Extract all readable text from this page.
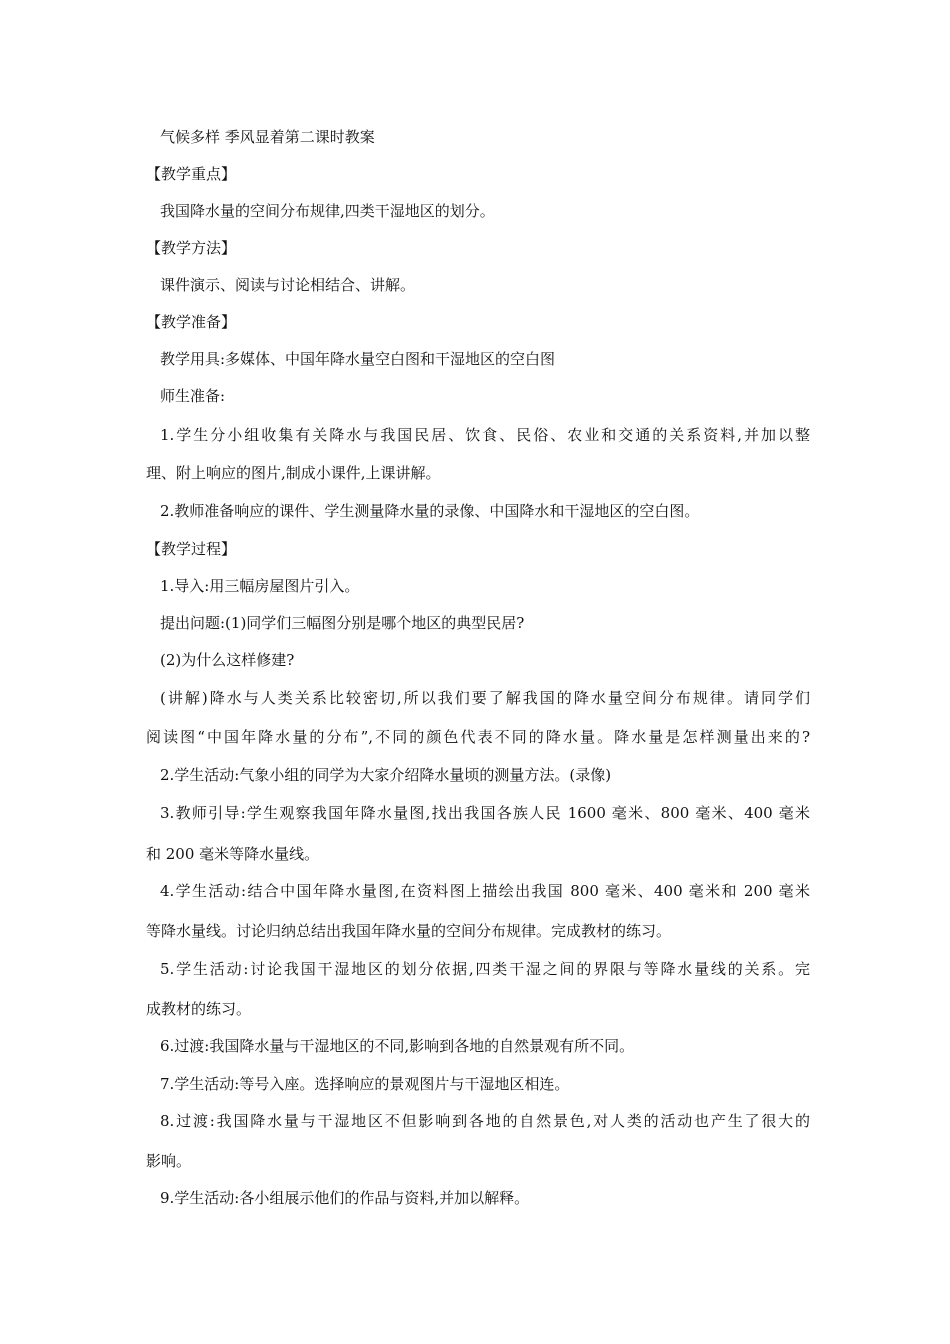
气候多样 季风显着第二课时教案
【教学重点】
我国降水量的空间分布规律,四类干湿地区的划分。
【教学方法】
课件演示、阅读与讨论相结合、讲解。
【教学准备】
教学用具:多媒体、中国年降水量空白图和干湿地区的空白图
师生准备:
1.学生分小组收集有关降水与我国民居、饮食、民俗、农业和交通的关系资料,并加以整
理、附上响应的图片,制成小课件,上课讲解。
2.教师准备响应的课件、学生测量降水量的录像、中国降水和干湿地区的空白图。
【教学过程】
1.导入:用三幅房屋图片引入。
提出问题:(1)同学们三幅图分别是哪个地区的典型民居?
(2)为什么这样修建?
(讲解)降水与人类关系比较密切,所以我们要了解我国的降水量空间分布规律。请同学们
阅读图“中国年降水量的分布”,不同的颜色代表不同的降水量。降水量是怎样测量出来的?
2.学生活动:气象小组的同学为大家介绍降水量顷的测量方法。(录像)
3.教师引导:学生观察我国年降水量图,找出我国各族人民 1600 毫米、800 毫米、400 毫米
和 200 毫米等降水量线。
4.学生活动:结合中国年降水量图,在资料图上描绘出我国 800 毫米、400 毫米和 200 毫米
等降水量线。讨论归纳总结出我国年降水量的空间分布规律。完成教材的练习。
5.学生活动:讨论我国干湿地区的划分依据,四类干湿之间的界限与等降水量线的关系。完
成教材的练习。
6.过渡:我国降水量与干湿地区的不同,影响到各地的自然景观有所不同。
7.学生活动:等号入座。选择响应的景观图片与干湿地区相连。
8.过渡:我国降水量与干湿地区不但影响到各地的自然景色,对人类的活动也产生了很大的
影响。
9.学生活动:各小组展示他们的作品与资料,并加以解释。
